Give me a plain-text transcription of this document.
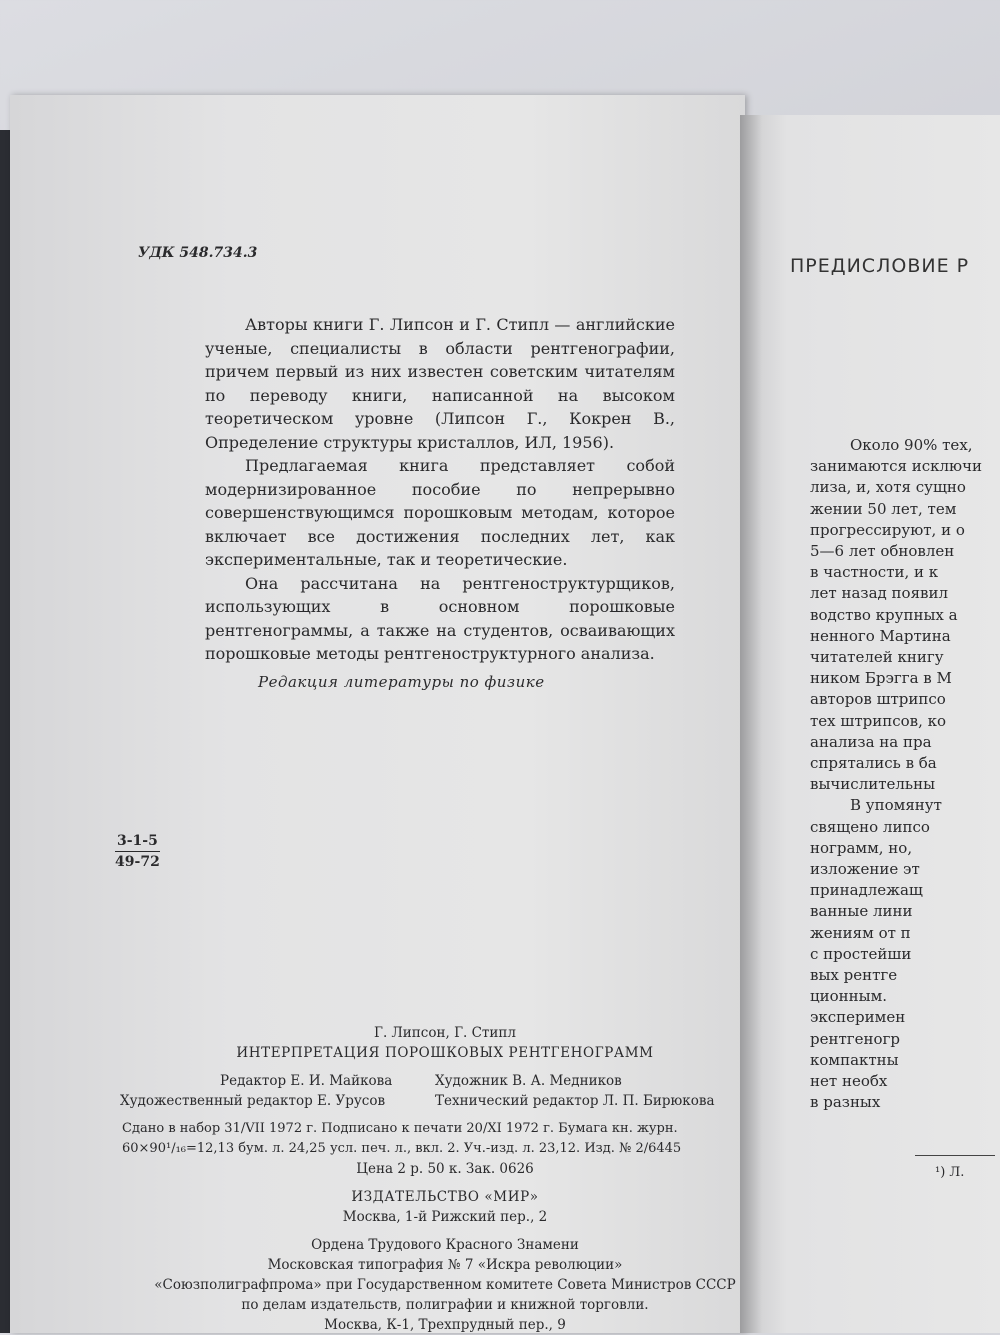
УДК 548.734.3

Авторы книги Г. Липсон и Г. Стипл — английские ученые, специалисты в области рентгенографии, причем первый из них известен советским читателям по переводу книги, написанной на высоком теоретическом уровне (Липсон Г., Кокрен В., Определение структуры кристаллов, ИЛ, 1956).

Предлагаемая книга представляет собой модернизированное пособие по непрерывно совершенствующимся порошковым методам, которое включает все достижения последних лет, как экспериментальные, так и теоретические.

Она рассчитана на рентгеноструктурщиков, использующих в основном порошковые рентгенограммы, а также на студентов, осваивающих порошковые методы рентгеноструктурного анализа.

Редакция литературы по физике
$\frac{3-1-5}{49-72}$
Г. Липсон, Г. Стипл
ИНТЕРПРЕТАЦИЯ ПОРОШКОВЫХ РЕНТГЕНОГРАММ
Редактор Е. И. Майкова	Художник В. А. Медников
Художественный редактор Е. Урусов	Технический редактор Л. П. Бирюкова
Сдано в набор 31/VII 1972 г. Подписано к печати 20/XI 1972 г. Бумага кн. журн.
60×90¹/₁₆=12,13 бум. л. 24,25 усл. печ. л., вкл. 2. Уч.-изд. л. 23,12. Изд. № 2/6445
Цена 2 р. 50 к. Зак. 0626
ИЗДАТЕЛЬСТВО «МИР»
Москва, 1-й Рижский пер., 2
Ордена Трудового Красного Знамени
Московская типография № 7 «Искра революции»
«Союзполиграфпрома» при Государственном комитете Совета Министров СССР
по делам издательств, полиграфии и книжной торговли.
Москва, К-1, Трехпрудный пер., 9
ПРЕДИСЛОВИЕ Р
Около 90% тех,
занимаются исключи
лиза, и, хотя сущно
жении 50 лет, тем
прогрессируют, и о
5—6 лет обновлен
в частности, и к
лет назад появил
водство крупных а
ненного Мартина
читателей книгу
ником Брэгга в М
авторов штрипсо
тех штрипсов, ко
анализа на пра
спрятались в ба
вычислительны
В упомянут
священо липсо
нограмм, но,
изложение эт
принадлежащ
ванные лини
жениям от п
с простейши
вых рентге
ционным.
эксперимен
рентгеногр
компактны
нет необх
в разных
¹) Л.
